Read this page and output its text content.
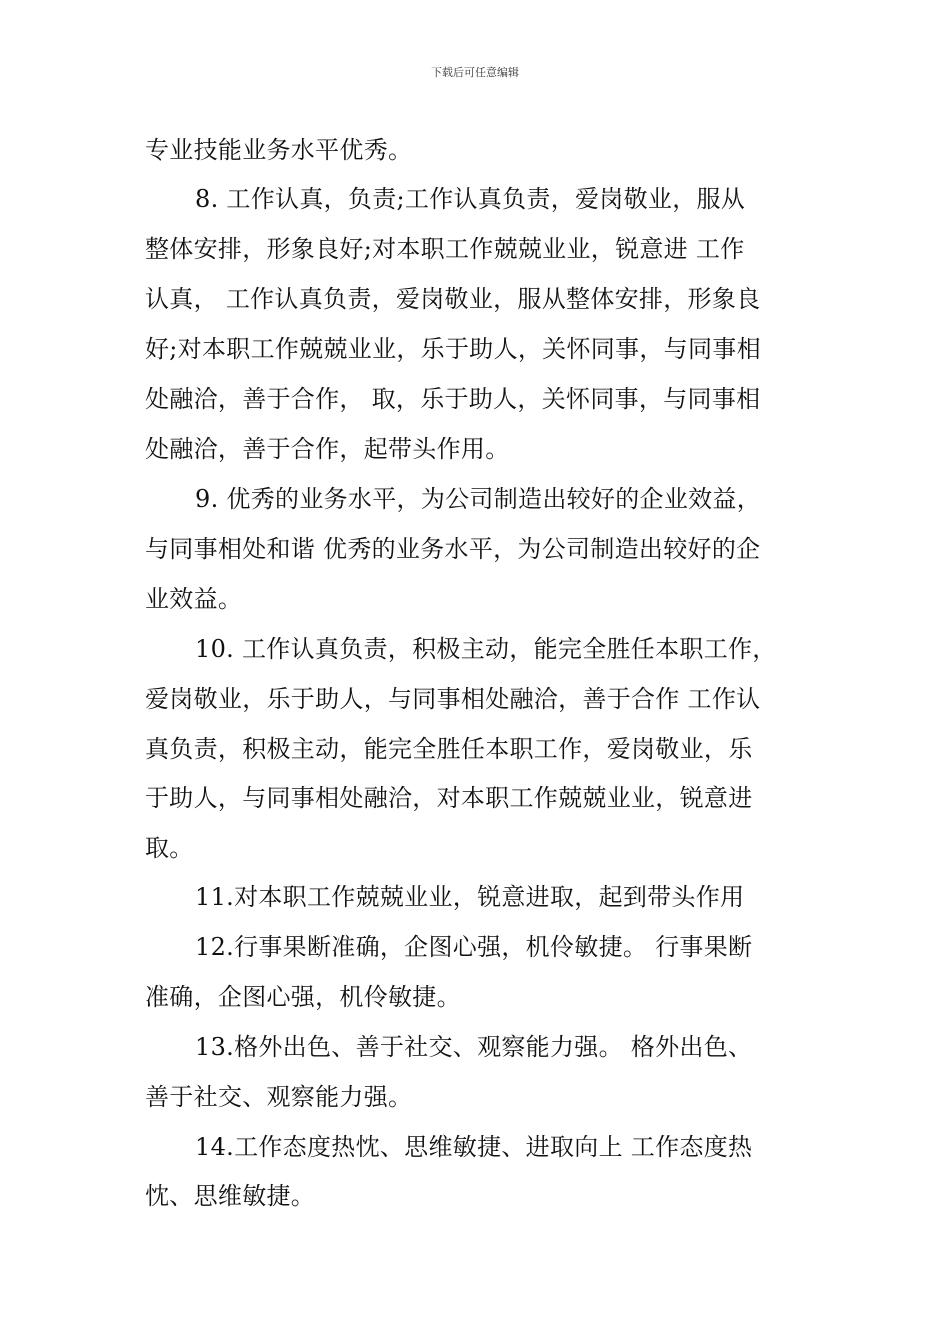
下载后可任意编辑
专业技能业务水平优秀。
8. 工作认真，负责;工作认真负责，爱岗敬业，服从
整体安排，形象良好;对本职工作兢兢业业，锐意进 工作
认真， 工作认真负责，爱岗敬业，服从整体安排，形象良
好;对本职工作兢兢业业，乐于助人，关怀同事，与同事相
处融洽，善于合作， 取，乐于助人，关怀同事，与同事相
处融洽，善于合作，起带头作用。
9. 优秀的业务水平，为公司制造出较好的企业效益，
与同事相处和谐 优秀的业务水平，为公司制造出较好的企
业效益。
10. 工作认真负责，积极主动，能完全胜任本职工作，
爱岗敬业，乐于助人，与同事相处融洽，善于合作 工作认
真负责，积极主动，能完全胜任本职工作，爱岗敬业，乐
于助人，与同事相处融洽，对本职工作兢兢业业，锐意进
取。
11.对本职工作兢兢业业，锐意进取，起到带头作用
12.行事果断准确，企图心强，机伶敏捷。 行事果断
准确，企图心强，机伶敏捷。
13.格外出色、善于社交、观察能力强。 格外出色、
善于社交、观察能力强。
14.工作态度热忱、思维敏捷、进取向上 工作态度热
忱、思维敏捷。
